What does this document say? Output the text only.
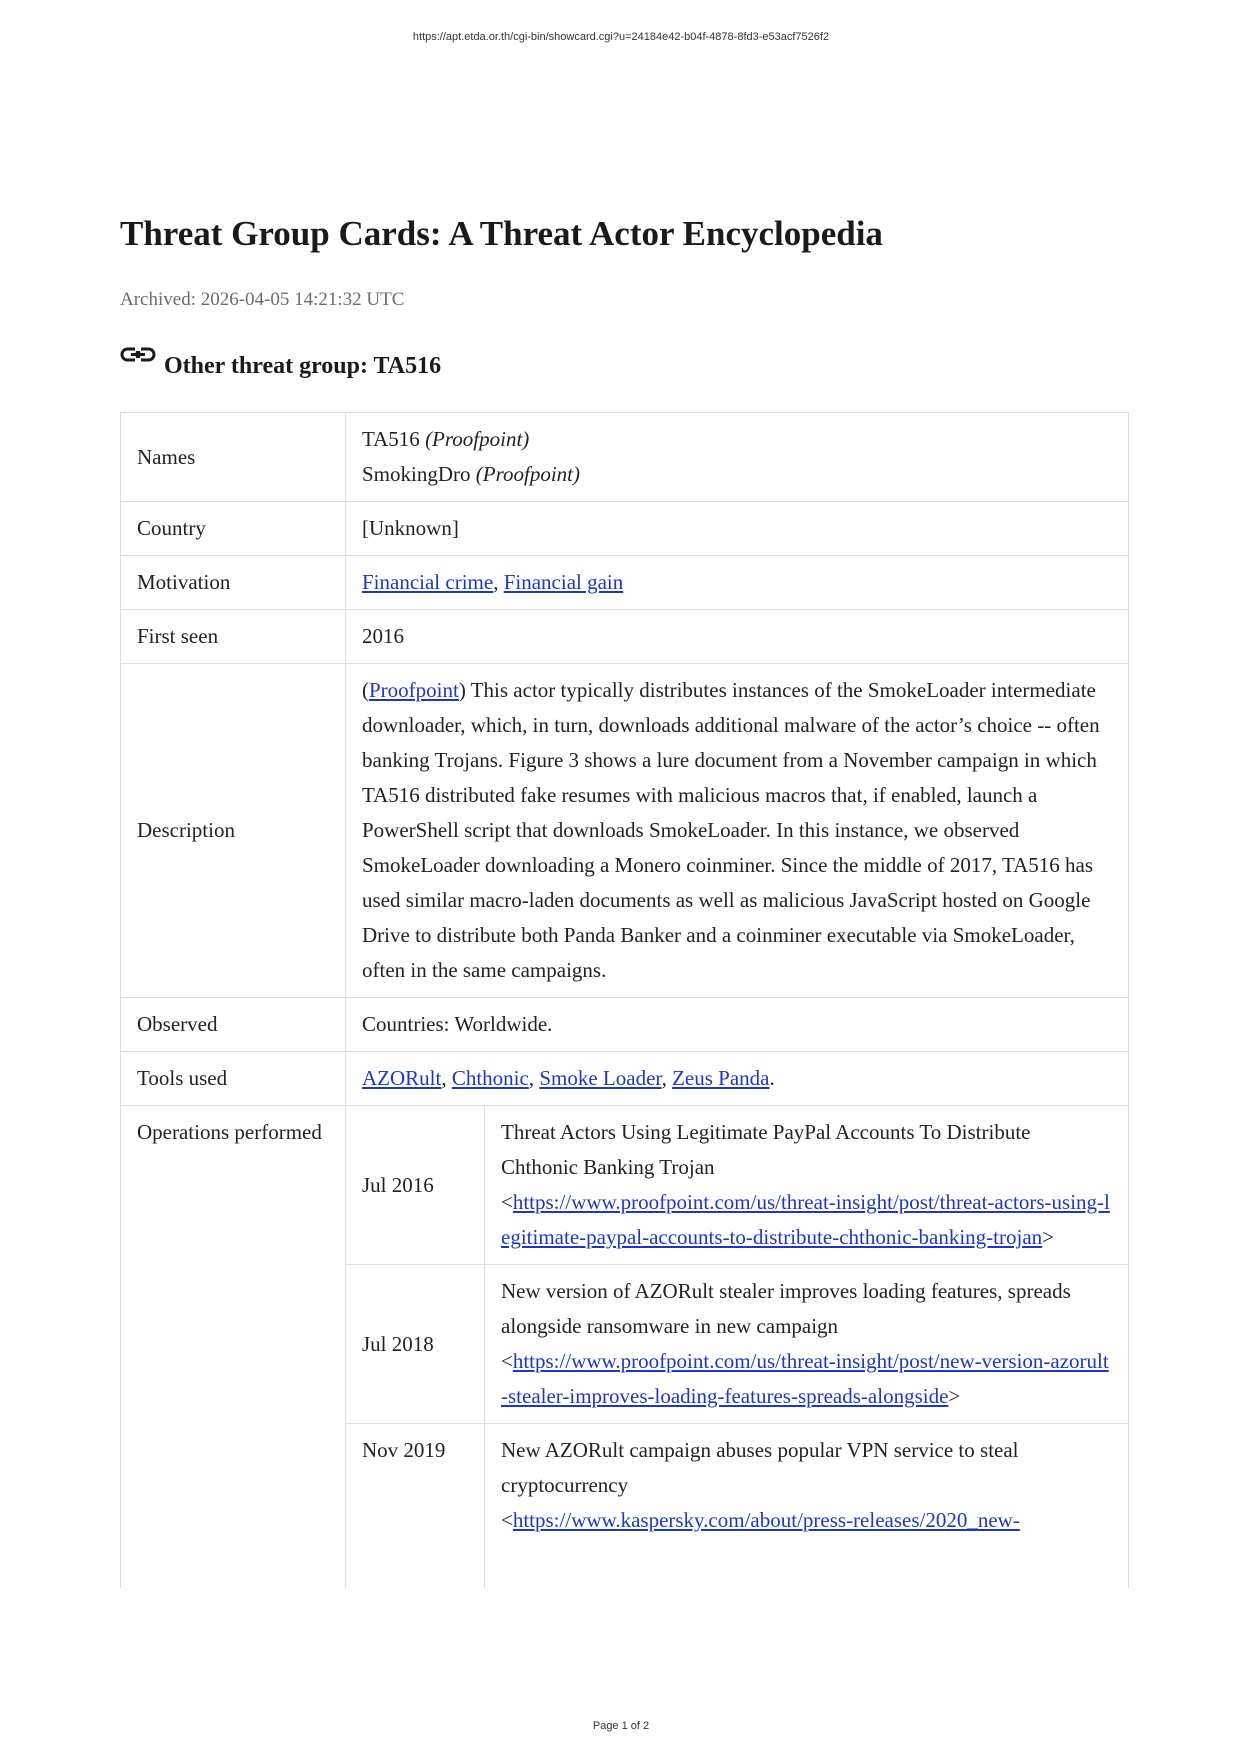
https://apt.etda.or.th/cgi-bin/showcard.cgi?u=24184e42-b04f-4878-8fd3-e53acf7526f2
Threat Group Cards: A Threat Actor Encyclopedia
Archived: 2026-04-05 14:21:32 UTC
Other threat group: TA516
Names	TA516 (Proofpoint)
SmokingDro (Proofpoint)	

Country	[Unknown]	
Motivation	Financial crime, Financial gain	
First seen	2016	
Description	(Proofpoint) This actor typically distributes instances of the SmokeLoader intermediate downloader, which, in turn, downloads additional malware of the actor’s choice -- often banking Trojans. Figure 3 shows a lure document from a November campaign in which TA516 distributed fake resumes with malicious macros that, if enabled, launch a PowerShell script that downloads SmokeLoader. In this instance, we observed SmokeLoader downloading a Monero coinminer. Since the middle of 2017, TA516 has used similar macro-laden documents as well as malicious JavaScript hosted on Google Drive to distribute both Panda Banker and a coinminer executable via SmokeLoader, often in the same campaigns.	
Observed	Countries: Worldwide.	
Tools used	AZORult, Chthonic, Smoke Loader, Zeus Panda.	
Operations performed	Jul 2016	Threat Actors Using Legitimate PayPal Accounts To Distribute Chthonic Banking Trojan
<https://www.proofpoint.com/us/threat-insight/post/threat-actors-using-legitimate-paypal-accounts-to-distribute-chthonic-banking-trojan>
	Jul 2018	New version of AZORult stealer improves loading features, spreads alongside ransomware in new campaign
<https://www.proofpoint.com/us/threat-insight/post/new-version-azorult-stealer-improves-loading-features-spreads-alongside>
	Nov 2019	New AZORult campaign abuses popular VPN service to steal cryptocurrency
<https://www.kaspersky.com/about/press-releases/2020_new-
Page 1 of 2
